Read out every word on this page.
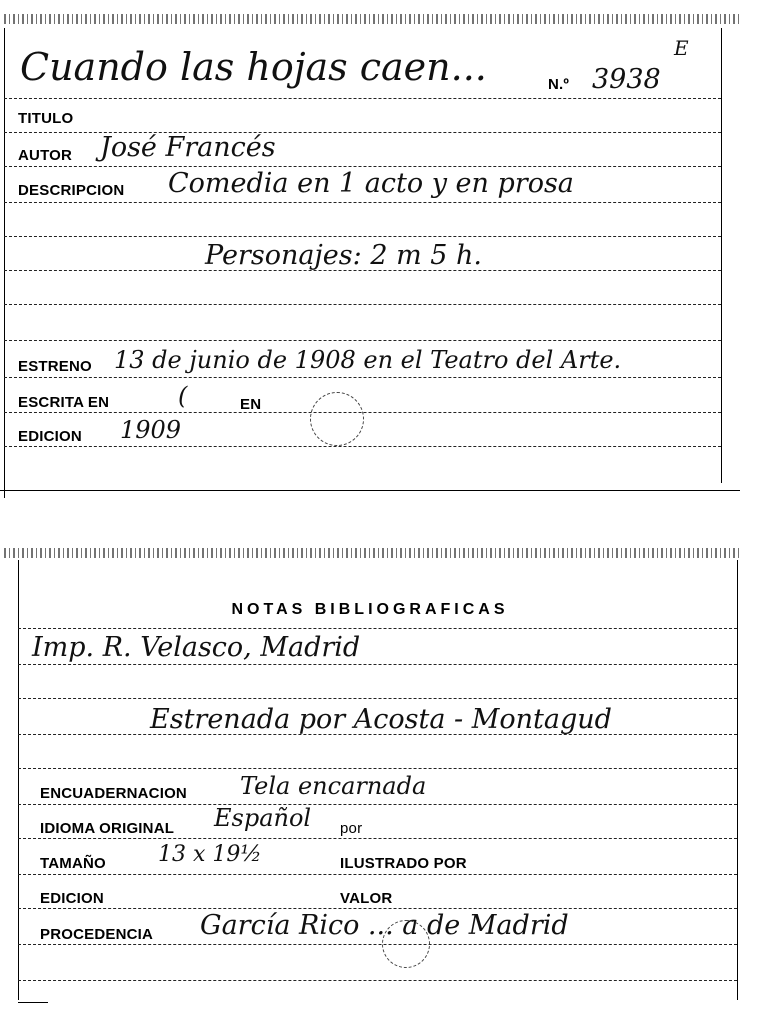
Cuando las hojas caen...	N.º 3938
E
TITULO
AUTOR José Francés
DESCRIPCION Comedia en 1 acto y en prosa
Personajes: 2 m 5 h.
ESTRENO 13 de junio de 1908 en el Teatro del Arte.
ESCRITA EN	(	EN
EDICION 1909
NOTAS BIBLIOGRAFICAS
Imp. R. Velasco, Madrid
Estrenada por Acosta - Montagud
ENCUADERNACION Tela encarnada
IDIOMA ORIGINAL Español por
TAMAÑO 13 x 19½	ILUSTRADO POR
EDICION	VALOR
PROCEDENCIA García Rico ... a de Madrid
